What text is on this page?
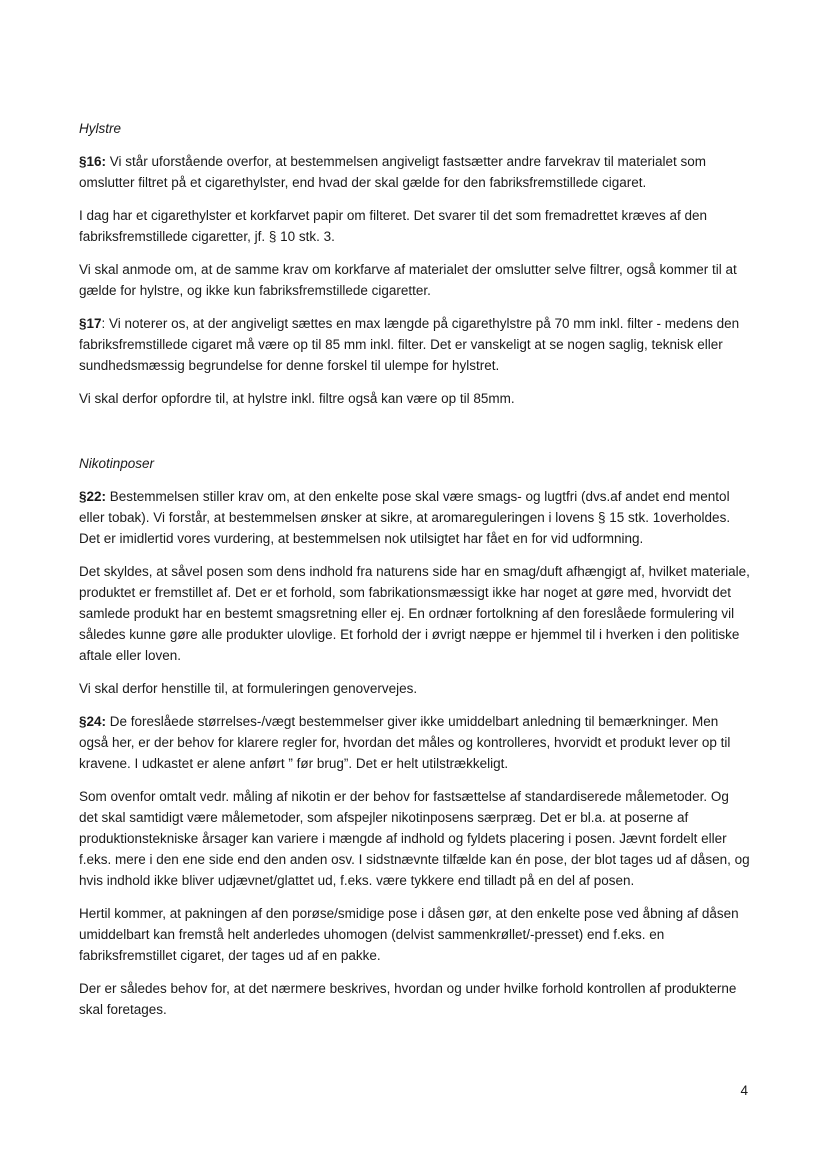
Hylstre

§16: Vi står uforstående overfor, at bestemmelsen angiveligt fastsætter andre farvekrav til materialet som omslutter filtret på et cigarethylster, end hvad der skal gælde for den fabriksfremstillede cigaret.

I dag har et cigarethylster et korkfarvet papir om filteret. Det svarer til det som fremadrettet kræves af den fabriksfremstillede cigaretter, jf. § 10 stk. 3.

Vi skal anmode om, at de samme krav om korkfarve af materialet der omslutter selve filtrer, også kommer til at gælde for hylstre, og ikke kun fabriksfremstillede cigaretter.

§17: Vi noterer os, at der angiveligt sættes en max længde på cigarethylstre på 70 mm inkl. filter - medens den fabriksfremstillede cigaret må være op til 85 mm inkl. filter. Det er vanskeligt at se nogen saglig, teknisk eller sundhedsmæssig begrundelse for denne forskel til ulempe for hylstret.

Vi skal derfor opfordre til, at hylstre inkl. filtre også kan være op til 85mm.

Nikotinposer

§22: Bestemmelsen stiller krav om, at den enkelte pose skal være smags- og lugtfri (dvs.af andet end mentol eller tobak). Vi forstår, at bestemmelsen ønsker at sikre, at aromareguleringen i lovens § 15 stk. 1overholdes. Det er imidlertid vores vurdering, at bestemmelsen nok utilsigtet har fået en for vid udformning.

Det skyldes, at såvel posen som dens indhold fra naturens side har en smag/duft afhængigt af, hvilket materiale, produktet er fremstillet af. Det er et forhold, som fabrikationsmæssigt ikke har noget at gøre med, hvorvidt det samlede produkt har en bestemt smagsretning eller ej. En ordnær fortolkning af den foreslåede formulering vil således kunne gøre alle produkter ulovlige. Et forhold der i øvrigt næppe er hjemmel til i hverken i den politiske aftale eller loven.

Vi skal derfor henstille til, at formuleringen genovervejes.

§24: De foreslåede størrelses-/vægt bestemmelser giver ikke umiddelbart anledning til bemærkninger. Men også her, er der behov for klarere regler for, hvordan det måles og kontrolleres, hvorvidt et produkt lever op til kravene. I udkastet er alene anført ” før brug”. Det er helt utilstrækkeligt.

Som ovenfor omtalt vedr. måling af nikotin er der behov for fastsættelse af standardiserede målemetoder. Og det skal samtidigt være målemetoder, som afspejler nikotinposens særpræg. Det er bl.a. at poserne af produktionstekniske årsager kan variere i mængde af indhold og fyldets placering i posen. Jævnt fordelt eller f.eks. mere i den ene side end den anden osv. I sidstnævnte tilfælde kan én pose, der blot tages ud af dåsen, og hvis indhold ikke bliver udjævnet/glattet ud, f.eks. være tykkere end tilladt på en del af posen.

Hertil kommer, at pakningen af den porøse/smidige pose i dåsen gør, at den enkelte pose ved åbning af dåsen umiddelbart kan fremstå helt anderledes uhomogen (delvist sammenkrøllet/-presset) end f.eks. en fabriksfremstillet cigaret, der tages ud af en pakke.

Der er således behov for, at det nærmere beskrives, hvordan og under hvilke forhold kontrollen af produkterne skal foretages.

4
